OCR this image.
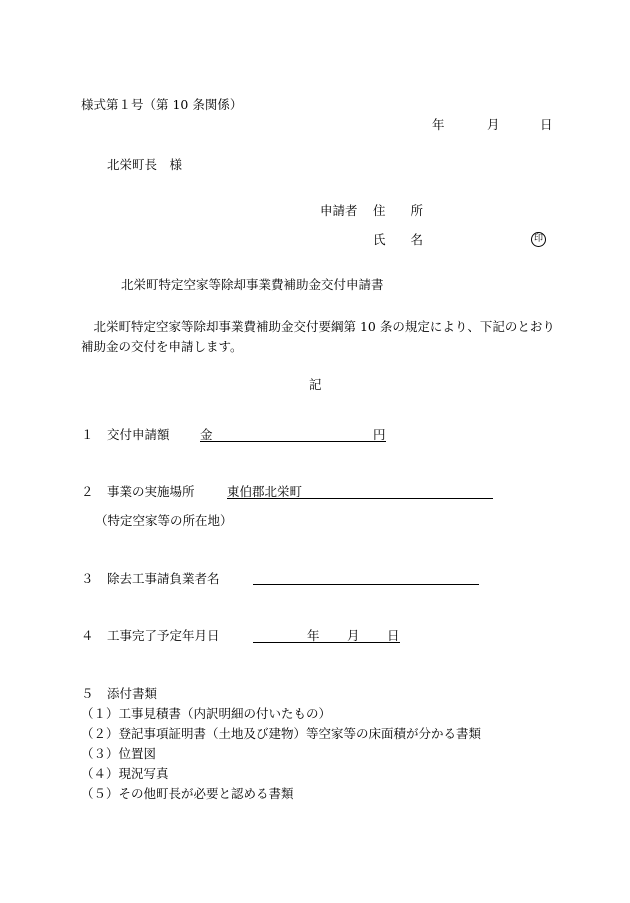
様式第１号（第 10 条関係）
年	月	日
北栄町長　様
申請者 住　　所
氏　　名	印
北栄町特定空家等除却事業費補助金交付申請書
　北栄町特定空家等除却事業費補助金交付要綱第 10 条の規定により、下記のとおり補助金の交付を申請します。
記
１ 交付申請額 金	円
２ 事業の実施場所	東伯郡北栄町
（特定空家等の所在地）
３ 除去工事請負業者名
４ 工事完了予定年月日	年 月 日
５ 添付書類
（１）工事見積書（内訳明細の付いたもの）
（２）登記事項証明書（土地及び建物）等空家等の床面積が分かる書類
（３）位置図
（４）現況写真
（５）その他町長が必要と認める書類
